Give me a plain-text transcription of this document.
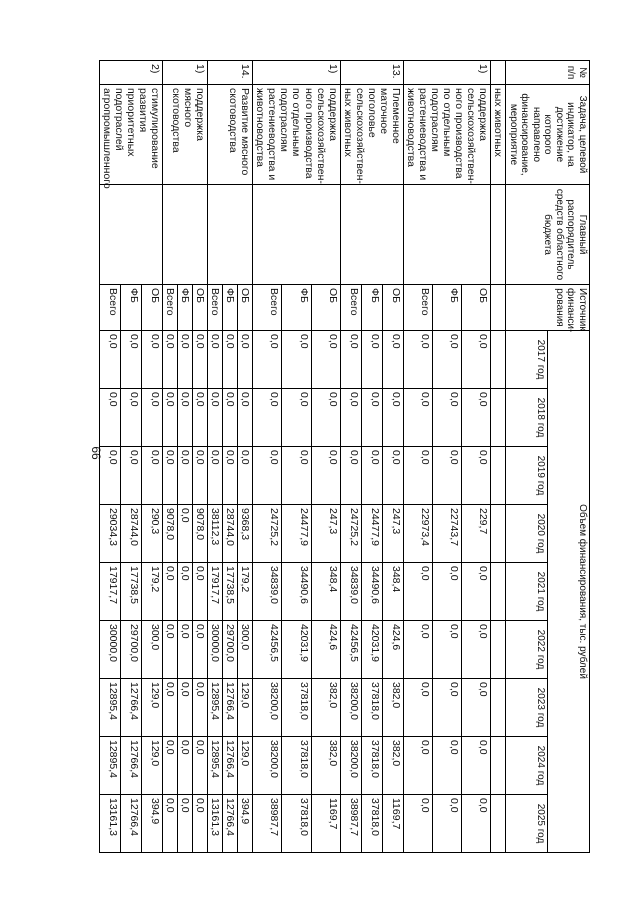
66
№ п/п	Задача, целевой индикатор, на достижение которого направлено финансирование, мероприятие	Главный распорядитель средств областного бюджета	Источник финанси-рования	Объем финансирования, тыс. рублей								
				2017 год	2018 год	2019 год	2020 год	2021 год	2022 год	2023 год	2024 год	2025 год
	ных животных											
1)	поддержка сельскохозяйствен-ного производства по отдельным подотраслям растениеводства и животноводства		ОБ	0,0	0,0	0,0	229,7	0,0	0,0	0,0	0,0	0,0
			ФБ	0,0	0,0	0,0	22743,7	0,0	0,0	0,0	0,0	0,0
			Всего	0,0	0,0	0,0	22973,4	0,0	0,0	0,0	0,0	0,0
13.	Племенное маточное поголовье сельскохозяйствен-ных животных		ОБ	0,0	0,0	0,0	247,3	348,4	424,6	382,0	382,0	1169,7
			ФБ	0,0	0,0	0,0	24477,9	34490,6	42031,9	37818,0	37818,0	37818,0
			Всего	0,0	0,0	0,0	24725,2	34839,0	42456,5	38200,0	38200,0	38987,7
1)	поддержка сельскохозяйствен-ного производства по отдельным подотраслям растениеводства и животноводства		ОБ	0,0	0,0	0,0	247,3	348,4	424,6	382,0	382,0	1169,7
			ФБ	0,0	0,0	0,0	24477,9	34490,6	42031,9	37818,0	37818,0	37818,0
			Всего	0,0	0,0	0,0	24725,2	34839,0	42456,5	38200,0	38200,0	38987,7
14.	Развитие мясного скотоводства		ОБ	0,0	0,0	0,0	9368,3	179,2	300,0	129,0	129,0	394,9
			ФБ	0,0	0,0	0,0	28744,0	17738,5	29700,0	12766,4	12766,4	12766,4
			Всего	0,0	0,0	0,0	38112,3	17917,7	30000,0	12895,4	12895,4	13161,3
1)	поддержка мясного скотоводства		ОБ	0,0	0,0	0,0	9078,0	0,0	0,0	0,0	0,0	0,0
			ФБ	0,0	0,0	0,0	0,0	0,0	0,0	0,0	0,0	0,0
			Всего	0,0	0,0	0,0	9078,0	0,0	0,0	0,0	0,0	0,0
2)	стимулирование развития приоритетных подотраслей агропромышленного		ОБ	0,0	0,0	0,0	290,3	179,2	300,0	129,0	129,0	394,9
			ФБ	0,0	0,0	0,0	28744,0	17738,5	29700,0	12766,4	12766,4	12766,4
			Всего	0,0	0,0	0,0	29034,3	17917,7	30000,0	12895,4	12895,4	13161,3
